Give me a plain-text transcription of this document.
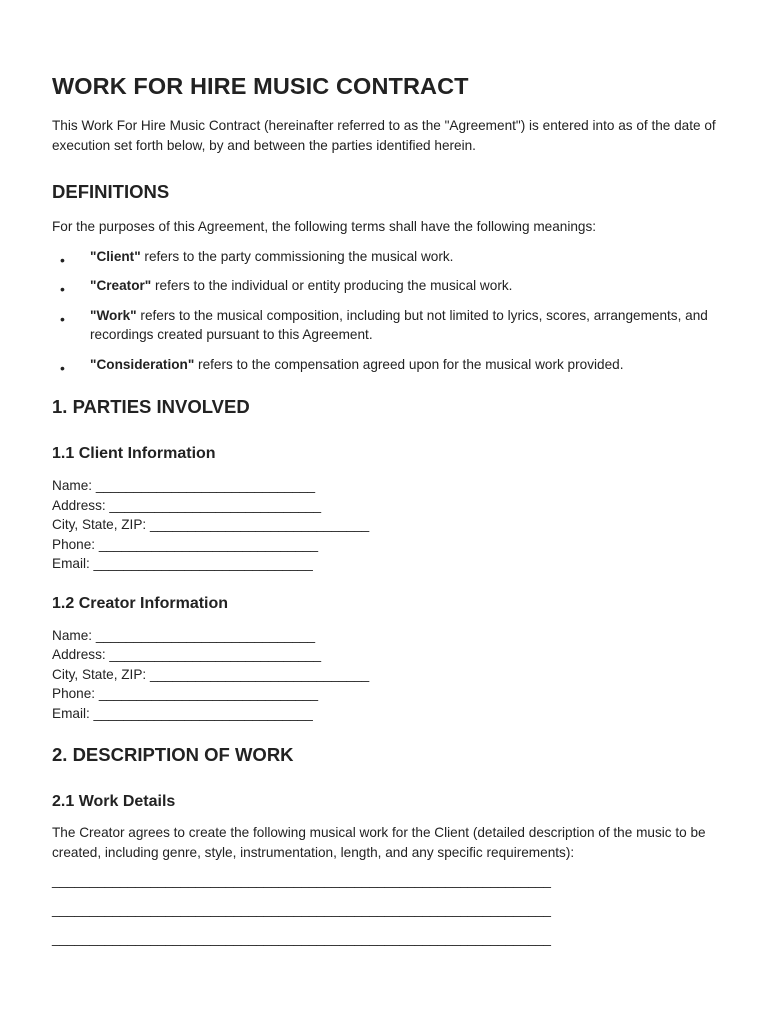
WORK FOR HIRE MUSIC CONTRACT

This Work For Hire Music Contract (hereinafter referred to as the "Agreement") is entered into as of the date of execution set forth below, by and between the parties identified herein.

DEFINITIONS

For the purposes of this Agreement, the following terms shall have the following meanings:

• "Client" refers to the party commissioning the musical work.
• "Creator" refers to the individual or entity producing the musical work.
• "Work" refers to the musical composition, including but not limited to lyrics, scores, arrangements, and recordings created pursuant to this Agreement.
• "Consideration" refers to the compensation agreed upon for the musical work provided.
1. PARTIES INVOLVED
1.1 Client Information
Name: _____________________________
Address: ____________________________
City, State, ZIP: _____________________________
Phone: _____________________________
Email: _____________________________
1.2 Creator Information
Name: _____________________________
Address: ____________________________
City, State, ZIP: _____________________________
Phone: _____________________________
Email: _____________________________
2. DESCRIPTION OF WORK
2.1 Work Details

The Creator agrees to create the following musical work for the Client (detailed description of the music to be created, including genre, style, instrumentation, length, and any specific requirements):

__________________________________________________________________
__________________________________________________________________
__________________________________________________________________
